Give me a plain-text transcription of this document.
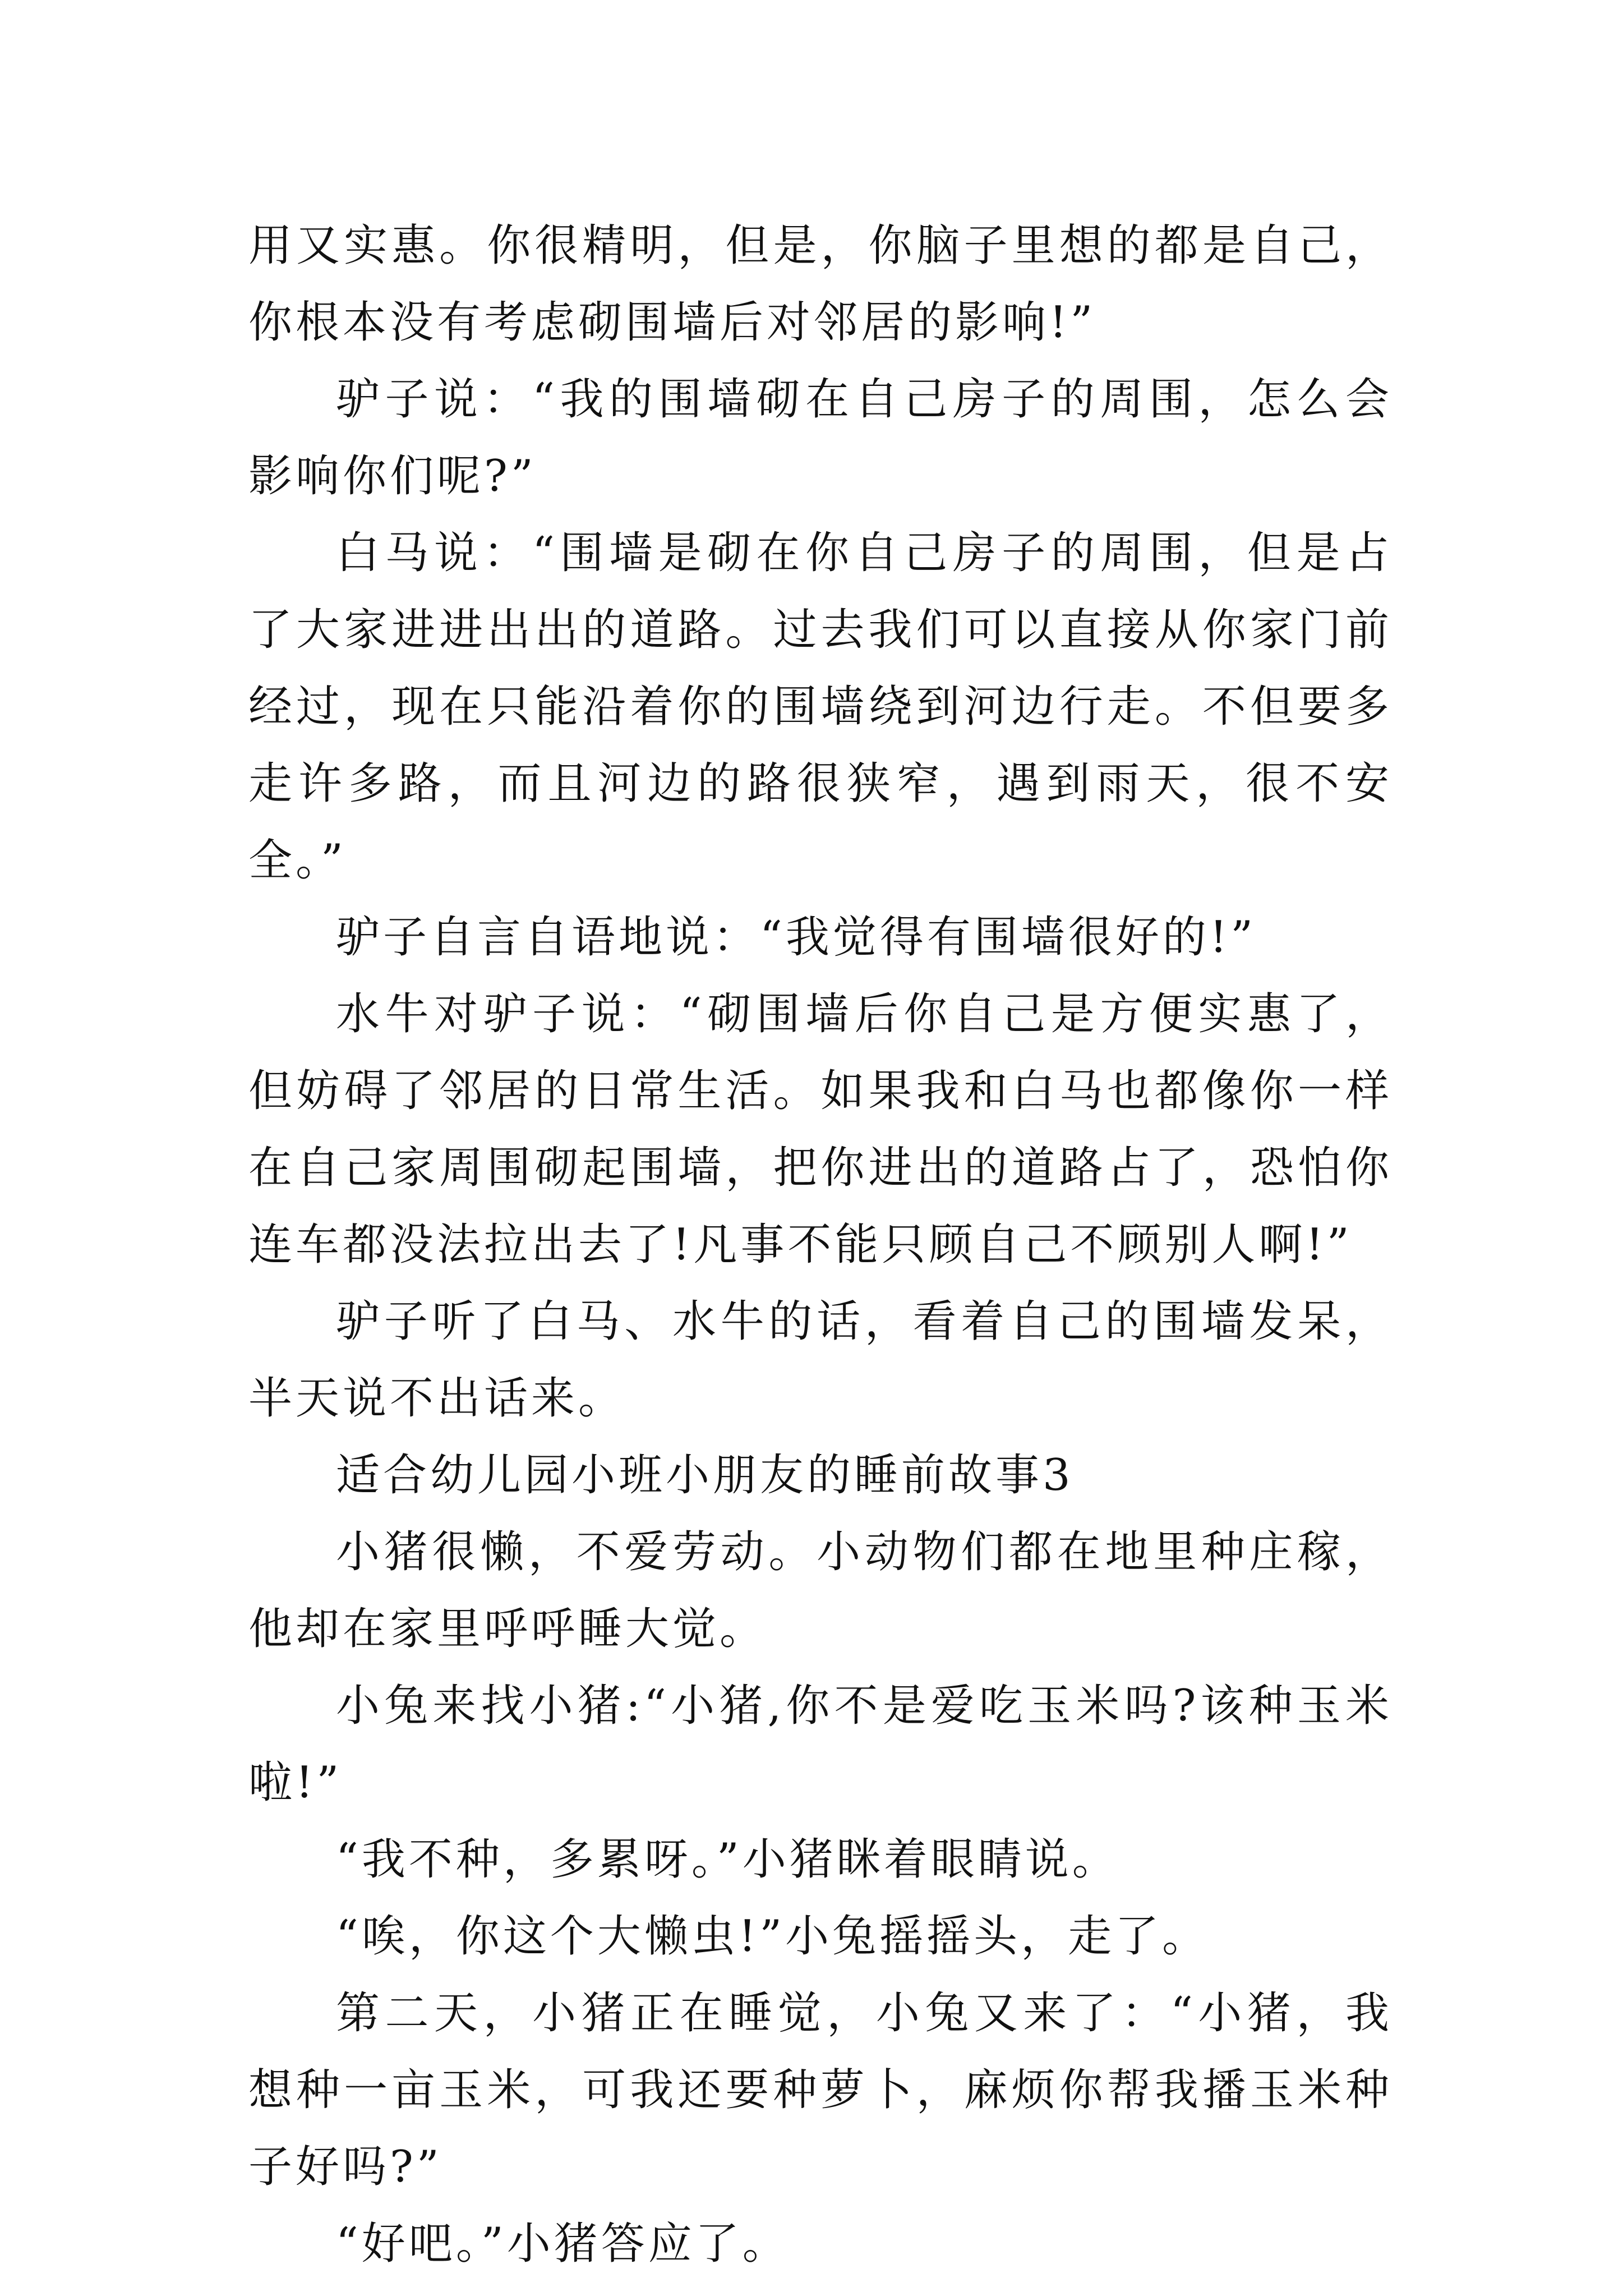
用又实惠。你很精明，但是，你脑子里想的都是自己，你根本没有考虑砌围墙后对邻居的影响!”

驴子说：“我的围墙砌在自己房子的周围，怎么会影响你们呢?”

白马说：“围墙是砌在你自己房子的周围，但是占了大家进进出出的道路。过去我们可以直接从你家门前经过，现在只能沿着你的围墙绕到河边行走。不但要多走许多路，而且河边的路很狭窄，遇到雨天，很不安全。”

驴子自言自语地说：“我觉得有围墙很好的!”

水牛对驴子说：“砌围墙后你自己是方便实惠了，但妨碍了邻居的日常生活。如果我和白马也都像你一样在自己家周围砌起围墙，把你进出的道路占了，恐怕你连车都没法拉出去了!凡事不能只顾自己不顾别人啊!”

驴子听了白马、水牛的话，看着自己的围墙发呆，半天说不出话来。

适合幼儿园小班小朋友的睡前故事3

小猪很懒，不爱劳动。小动物们都在地里种庄稼，他却在家里呼呼睡大觉。

小兔来找小猪:“小猪,你不是爱吃玉米吗?该种玉米啦!”

“我不种，多累呀。”小猪眯着眼睛说。

“唉，你这个大懒虫!”小兔摇摇头，走了。

第二天，小猪正在睡觉，小兔又来了：“小猪，我想种一亩玉米，可我还要种萝卜，麻烦你帮我播玉米种子好吗?”

“好吧。”小猪答应了。
